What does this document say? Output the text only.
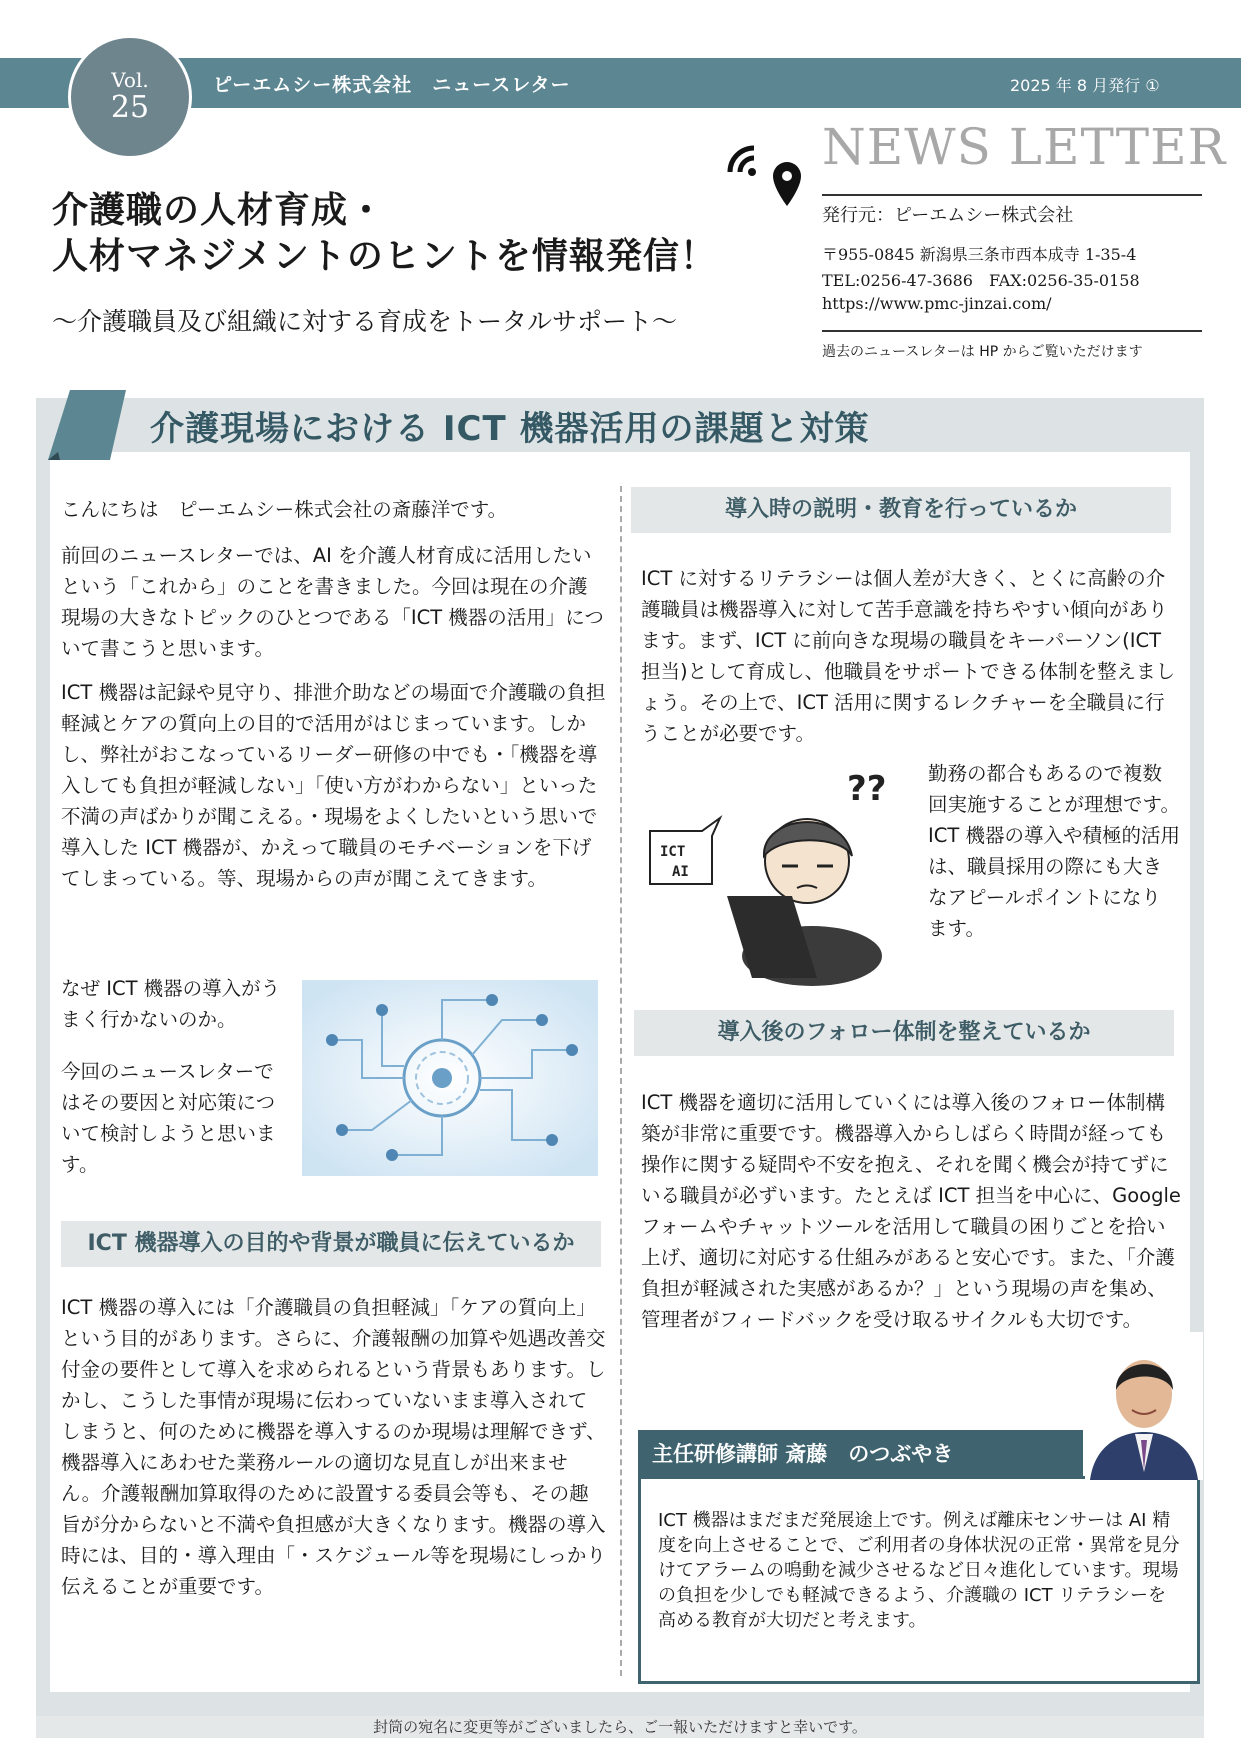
Vol.
25
ピーエムシー株式会社　ニュースレター	2025 年 8 月発行 ①
介護職の人材育成・
人材マネジメントのヒントを情報発信！
～介護職員及び組織に対する育成をトータルサポート～
NEWS LETTER
発行元：ピーエムシー株式会社
〒955-0845 新潟県三条市西本成寺 1-35-4
TEL:0256-47-3686　FAX:0256-35-0158
https://www.pmc-jinzai.com/
過去のニュースレターは HP からご覧いただけます
介護現場における ICT 機器活用の課題と対策
こんにちは　ピーエムシー株式会社の斎藤洋です。
前回のニュースレターでは、AI を介護人材育成に活用したいという「これから」のことを書きました。今回は現在の介護現場の大きなトピックのひとつである「ICT 機器の活用」について書こうと思います。
ICT 機器は記録や見守り、排泄介助などの場面で介護職の負担軽減とケアの質向上の目的で活用がはじまっています。しかし、弊社がおこなっているリーダー研修の中でも・「機器を導入しても負担が軽減しない」「使い方がわからない」といった不満の声ばかりが聞こえる。・現場をよくしたいという思いで導入した ICT 機器が、かえって職員のモチベーションを下げてしまっている。等、現場からの声が聞こえてきます。
なぜ ICT 機器の導入がうまく行かないのか。
今回のニュースレターではその要因と対応策について検討しようと思います。
ICT 機器導入の目的や背景が職員に伝えているか
ICT 機器の導入には「介護職員の負担軽減」「ケアの質向上」という目的があります。さらに、介護報酬の加算や処遇改善交付金の要件として導入を求められるという背景もあります。しかし、こうした事情が現場に伝わっていないまま導入されてしまうと、何のために機器を導入するのか現場は理解できず、機器導入にあわせた業務ルールの適切な見直しが出来ません。介護報酬加算取得のために設置する委員会等も、その趣旨が分からないと不満や負担感が大きくなります。機器の導入時には、目的・導入理由「・スケジュール等を現場にしっかり伝えることが重要です。
導入時の説明・教育を行っているか
ICT に対するリテラシーは個人差が大きく、とくに高齢の介護職員は機器導入に対して苦手意識を持ちやすい傾向があります。まず、ICT に前向きな現場の職員をキーパーソン(ICT 担当)として育成し、他職員をサポートできる体制を整えましょう。その上で、ICT 活用に関するレクチャーを全職員に行うことが必要です。
ICT
AI
?? 勤務の都合もあるので複数回実施することが理想です。ICT 機器の導入や積極的活用は、職員採用の際にも大きなアピールポイントになります。
導入後のフォロー体制を整えているか
ICT 機器を適切に活用していくには導入後のフォロー体制構築が非常に重要です。機器導入からしばらく時間が経っても操作に関する疑問や不安を抱え、それを聞く機会が持てずにいる職員が必ずいます。たとえば ICT 担当を中心に、Google フォームやチャットツールを活用して職員の困りごとを拾い上げ、適切に対応する仕組みがあると安心です。また、「介護負担が軽減された実感があるか？」という現場の声を集め、管理者がフィードバックを受け取るサイクルも大切です。
主任研修講師 斎藤　のつぶやき
ICT 機器はまだまだ発展途上です。例えば離床センサーは AI 精度を向上させることで、ご利用者の身体状況の正常・異常を見分けてアラームの鳴動を減少させるなど日々進化しています。現場の負担を少しでも軽減できるよう、介護職の ICT リテラシーを高める教育が大切だと考えます。
封筒の宛名に変更等がございましたら、ご一報いただけますと幸いです。
